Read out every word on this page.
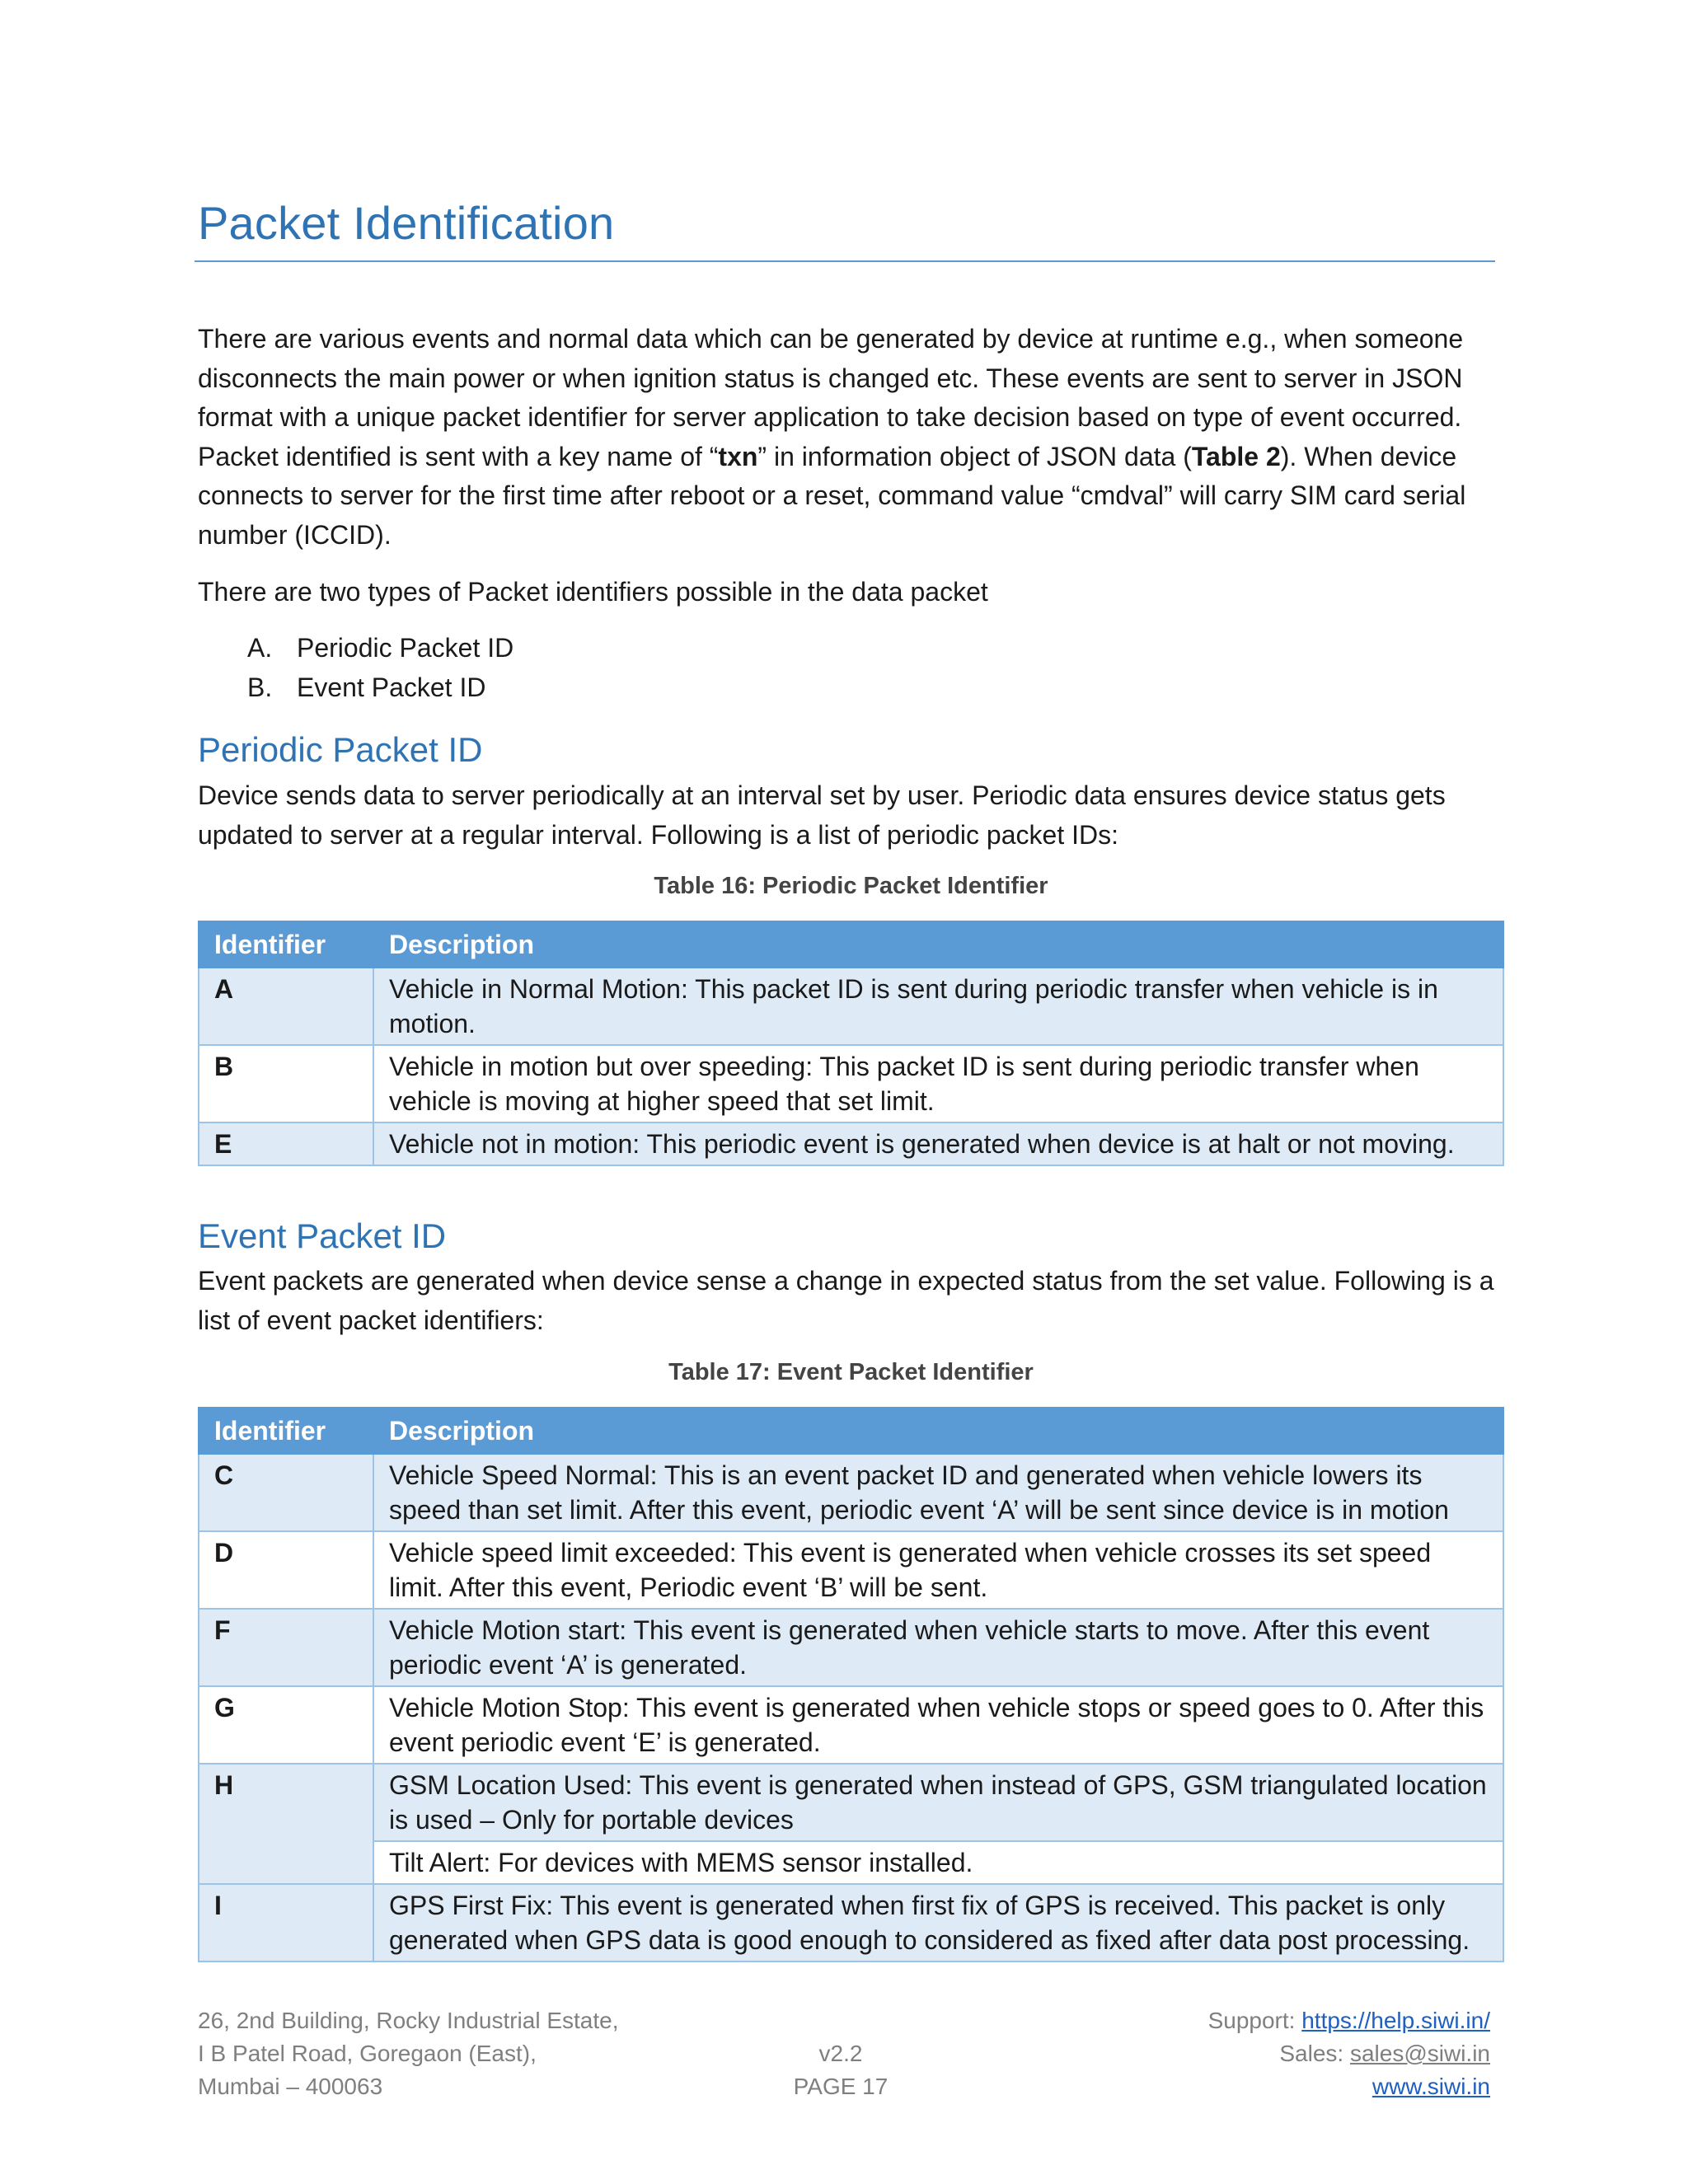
Packet Identification

There are various events and normal data which can be generated by device at runtime e.g., when someone disconnects the main power or when ignition status is changed etc. These events are sent to server in JSON format with a unique packet identifier for server application to take decision based on type of event occurred. Packet identified is sent with a key name of “txn” in information object of JSON data (Table 2). When device connects to server for the first time after reboot or a reset, command value “cmdval” will carry SIM card serial number (ICCID).

There are two types of Packet identifiers possible in the data packet

A. Periodic Packet ID
B. Event Packet ID
Periodic Packet ID

Device sends data to server periodically at an interval set by user. Periodic data ensures device status gets updated to server at a regular interval. Following is a list of periodic packet IDs:

Table 16: Periodic Packet Identifier
Identifier	Description
A	Vehicle in Normal Motion: This packet ID is sent during periodic transfer when vehicle is in motion.
B	Vehicle in motion but over speeding: This packet ID is sent during periodic transfer when vehicle is moving at higher speed that set limit.
E	Vehicle not in motion: This periodic event is generated when device is at halt or not moving.
Event Packet ID

Event packets are generated when device sense a change in expected status from the set value. Following is a list of event packet identifiers:

Table 17: Event Packet Identifier
Identifier	Description
C	Vehicle Speed Normal: This is an event packet ID and generated when vehicle lowers its speed than set limit. After this event, periodic event ‘A’ will be sent since device is in motion
D	Vehicle speed limit exceeded: This event is generated when vehicle crosses its set speed limit. After this event, Periodic event ‘B’ will be sent.
F	Vehicle Motion start: This event is generated when vehicle starts to move. After this event periodic event ‘A’ is generated.
G	Vehicle Motion Stop: This event is generated when vehicle stops or speed goes to 0. After this event periodic event ‘E’ is generated.
H	GSM Location Used: This event is generated when instead of GPS, GSM triangulated location is used – Only for portable devices
	Tilt Alert: For devices with MEMS sensor installed.
I	GPS First Fix: This event is generated when first fix of GPS is received. This packet is only generated when GPS data is good enough to considered as fixed after data post processing.
26, 2nd Building, Rocky Industrial Estate,
I B Patel Road, Goregaon (East),
Mumbai – 400063

v2.2
PAGE 17
Support: https://help.siwi.in/
Sales: sales@siwi.in
www.siwi.in
